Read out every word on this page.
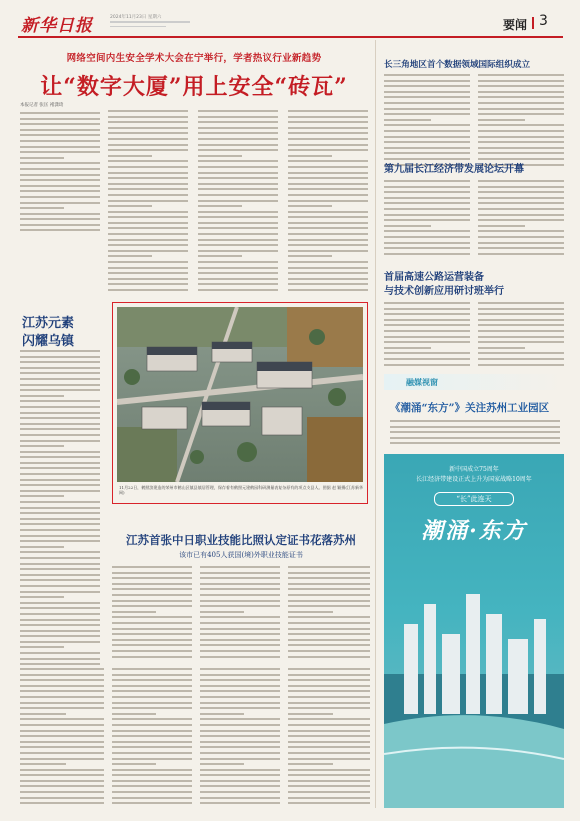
新华日报	2024年11月23日 星期六
要闻 3
网络空间内生安全学术大会在宁举行，学者热议行业新趋势
让“数字大厦”用上安全“砖瓦”
本报记者 张匡 褚潇琦
江苏元素
闪耀乌镇
11月22日，鹤照滨建造的荣州市鹤山区镇县镇居管理，保存着有鹤照元建鹤园科研测量表复杂原有的项点支县人。图据 赵 颖摄(江苏新华网)
江苏首张中日职业技能比照认定证书花落苏州
该市已有405人获国(境)外职业技能证书
长三角地区首个数据领域国际组织成立
第九届长江经济带发展论坛开幕
首届高速公路运营装备
与技术创新应用研讨班举行
融媒视窗
《潮涌“东方”》关注苏州工业园区
新中国成立75周年
长江经济带建设正式上升为国家战略10周年
“长”此连天
潮涌·东方
